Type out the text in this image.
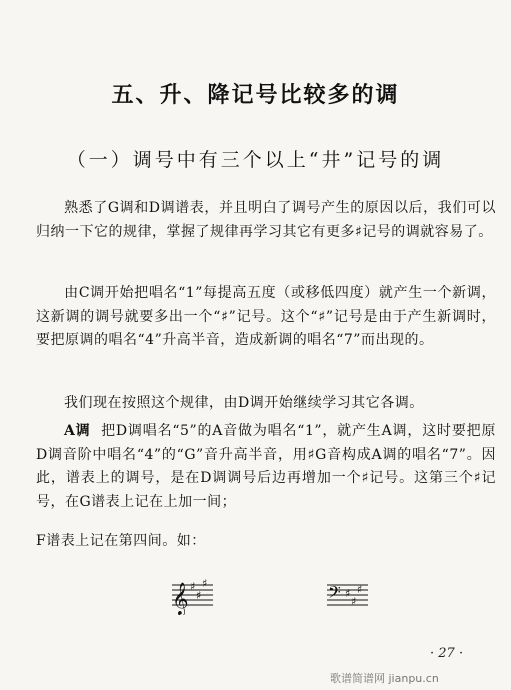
五、升、降记号比较多的调
（一）调号中有三个以上“井”记号的调
熟悉了G调和D调谱表，并且明白了调号产生的原因以后，我们可以归纳一下它的规律，掌握了规律再学习其它有更多♯记号的调就容易了。
由C调开始把唱名“1”每提高五度（或移低四度）就产生一个新调，这新调的调号就要多出一个“♯”记号。这个“♯”记号是由于产生新调时，要把原调的唱名“4”升高半音，造成新调的唱名“7”而出现的。
我们现在按照这个规律，由D调开始继续学习其它各调。
A调 把D调唱名“5”的A音做为唱名“1”，就产生A调，这时要把原D调音阶中唱名“4”的“G”音升高半音，用♯G音构成A调的唱名“7”。因此，谱表上的调号，是在D调调号后边再增加一个♯记号。这第三个♯记号，在G谱表上记在上加一间；
F谱表上记在第四间。如：
𝄞 ♯
♯
♯	𝄢 ♯
♯
♯
· 27 ·
歌谱简谱网 jianpu.cn
